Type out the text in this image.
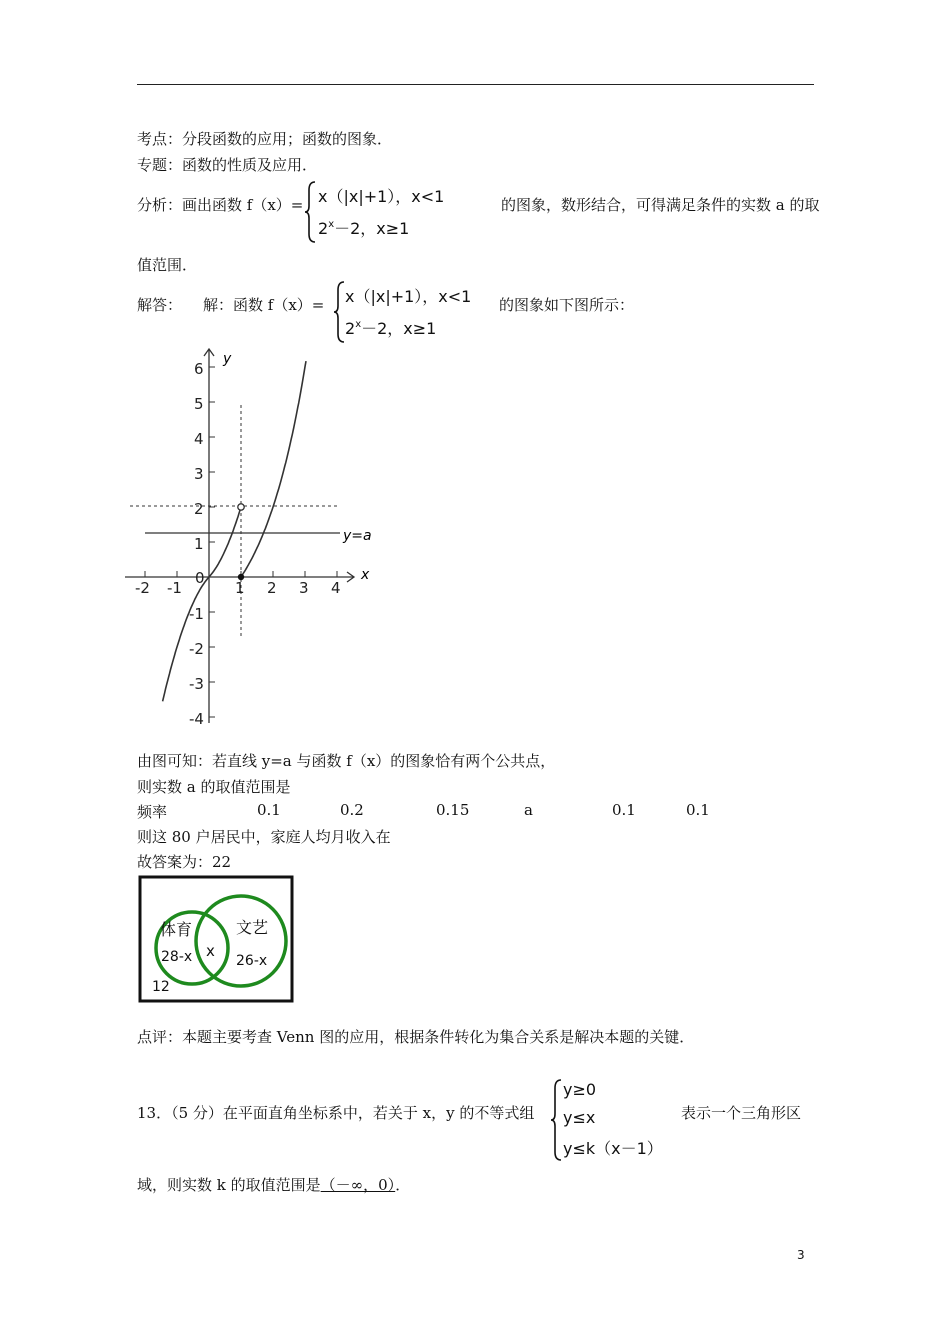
考点：分段函数的应用；函数的图象．
专题：函数的性质及应用．
分析：画出函数 f（x）= x（|x|+1），x<1
$2^x-2$，x≥1
的图象，数形结合，可得满足条件的实数 a 的取
值范围．
解答： 解：函数 f（x）= x（|x|+1），x<1
$2^x-2$，x≥1
的图象如下图所示：
y
x
y=a
6
5
4
3
2
1
-1
-2
-3
-4
-2 -1
0
1 2 3 4
由图可知：若直线 y=a 与函数 f（x）的图象恰有两个公共点，
则实数 a 的取值范围是
频率	0.1	0.2	0.15	a	0.1	0.1
则这 80 户居民中，家庭人均月收入在
故答案为：22
体育	文艺
28-x x
26-x
12
点评：本题主要考查 Venn 图的应用，根据条件转化为集合关系是解决本题的关键．
13．（5 分）在平面直角坐标系中，若关于 x，y 的不等式组
y≥0
y≤x
y≤k（x－1）
表示一个三角形区
域，则实数 k 的取值范围是（－∞，0）．
3
